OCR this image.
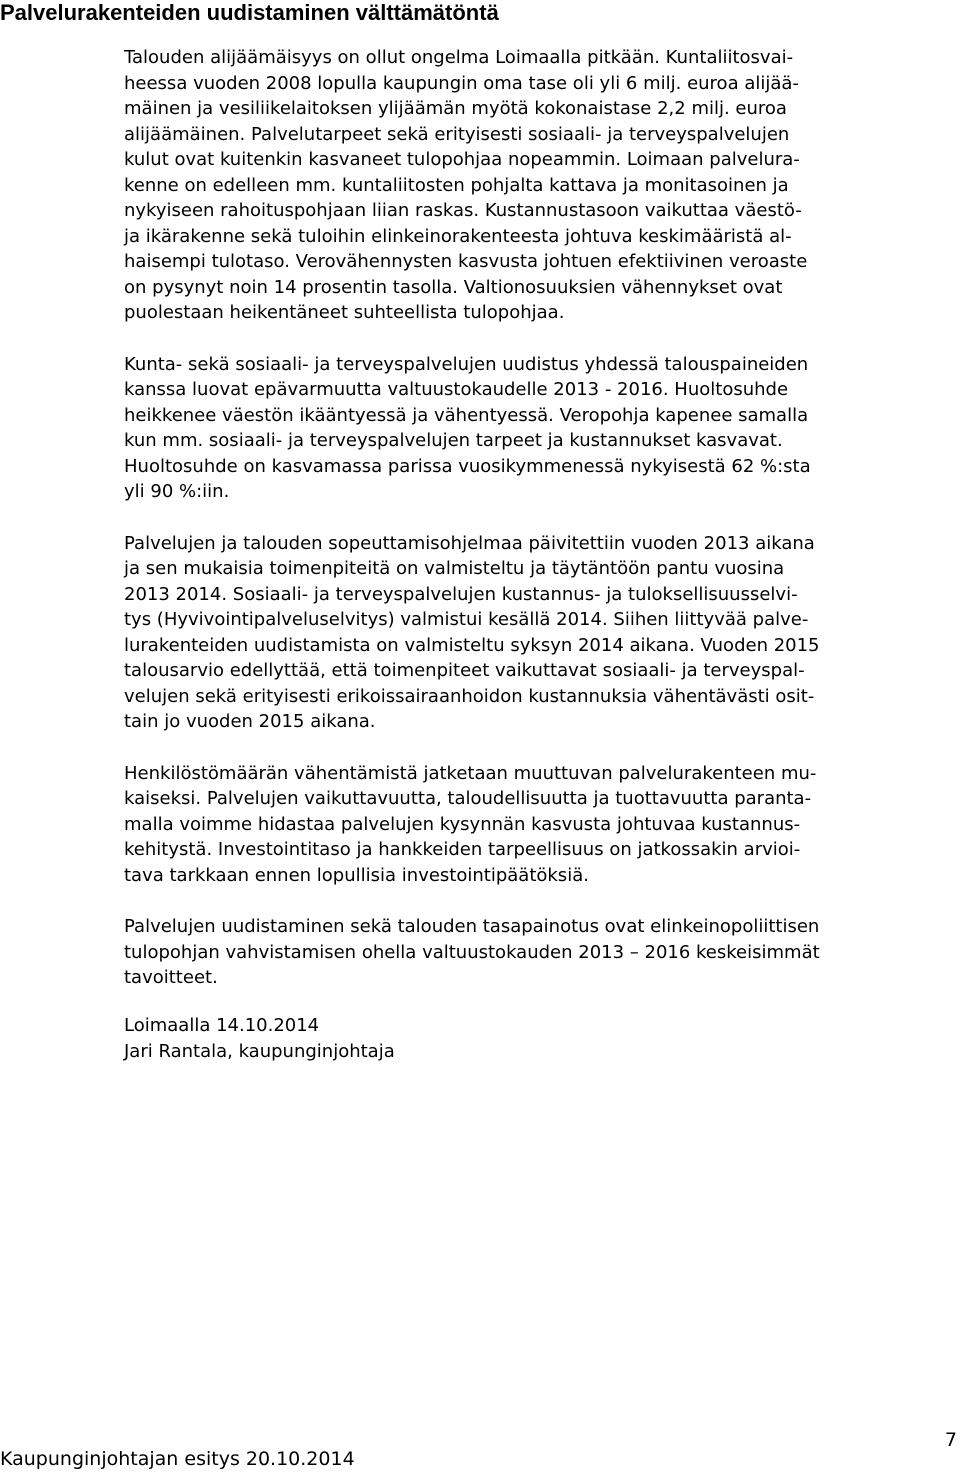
Palvelurakenteiden uudistaminen välttämätöntä

Talouden alijäämäisyys on ollut ongelma Loimaalla pitkään. Kuntaliitosvai-
heessa vuoden 2008 lopulla kaupungin oma tase oli yli 6 milj. euroa alijää-
mäinen ja vesiliikelaitoksen ylijäämän myötä kokonaistase 2,2 milj. euroa
alijäämäinen. Palvelutarpeet sekä erityisesti sosiaali- ja terveyspalvelujen
kulut ovat kuitenkin kasvaneet tulopohjaa nopeammin. Loimaan palvelura-
kenne on edelleen mm. kuntaliitosten pohjalta kattava ja monitasoinen ja
nykyiseen rahoituspohjaan liian raskas. Kustannustasoon vaikuttaa väestö-
ja ikärakenne sekä tuloihin elinkeinorakenteesta johtuva keskimääristä al-
haisempi tulotaso. Verovähennysten kasvusta johtuen efektiivinen veroaste
on pysynyt noin 14 prosentin tasolla. Valtionosuuksien vähennykset ovat
puolestaan heikentäneet suhteellista tulopohjaa.

Kunta- sekä sosiaali- ja terveyspalvelujen uudistus yhdessä talouspaineiden
kanssa luovat epävarmuutta valtuustokaudelle 2013 - 2016. Huoltosuhde
heikkenee väestön ikääntyessä ja vähentyessä. Veropohja kapenee samalla
kun mm. sosiaali- ja terveyspalvelujen tarpeet ja kustannukset kasvavat.
Huoltosuhde on kasvamassa parissa vuosikymmenessä nykyisestä 62 %:sta
yli 90 %:iin.

Palvelujen ja talouden sopeuttamisohjelmaa päivitettiin vuoden 2013 aikana
ja sen mukaisia toimenpiteitä on valmisteltu ja täytäntöön pantu vuosina
2013 2014. Sosiaali- ja terveyspalvelujen kustannus- ja tuloksellisuusselvi-
tys (Hyvivointipalveluselvitys) valmistui kesällä 2014. Siihen liittyvää palve-
lurakenteiden uudistamista on valmisteltu syksyn 2014 aikana. Vuoden 2015
talousarvio edellyttää, että toimenpiteet vaikuttavat sosiaali- ja terveyspal-
velujen sekä erityisesti erikoissairaanhoidon kustannuksia vähentävästi osit-
tain jo vuoden 2015 aikana.

Henkilöstömäärän vähentämistä jatketaan muuttuvan palvelurakenteen mu-
kaiseksi. Palvelujen vaikuttavuutta, taloudellisuutta ja tuottavuutta paranta-
malla voimme hidastaa palvelujen kysynnän kasvusta johtuvaa kustannus-
kehitystä. Investointitaso ja hankkeiden tarpeellisuus on jatkossakin arvioi-
tava tarkkaan ennen lopullisia investointipäätöksiä.

Palvelujen uudistaminen sekä talouden tasapainotus ovat elinkeinopoliittisen
tulopohjan vahvistamisen ohella valtuustokauden 2013 – 2016 keskeisimmät
tavoitteet.

Loimaalla 14.10.2014
Jari Rantala, kaupunginjohtaja
7
Kaupunginjohtajan esitys 20.10.2014
